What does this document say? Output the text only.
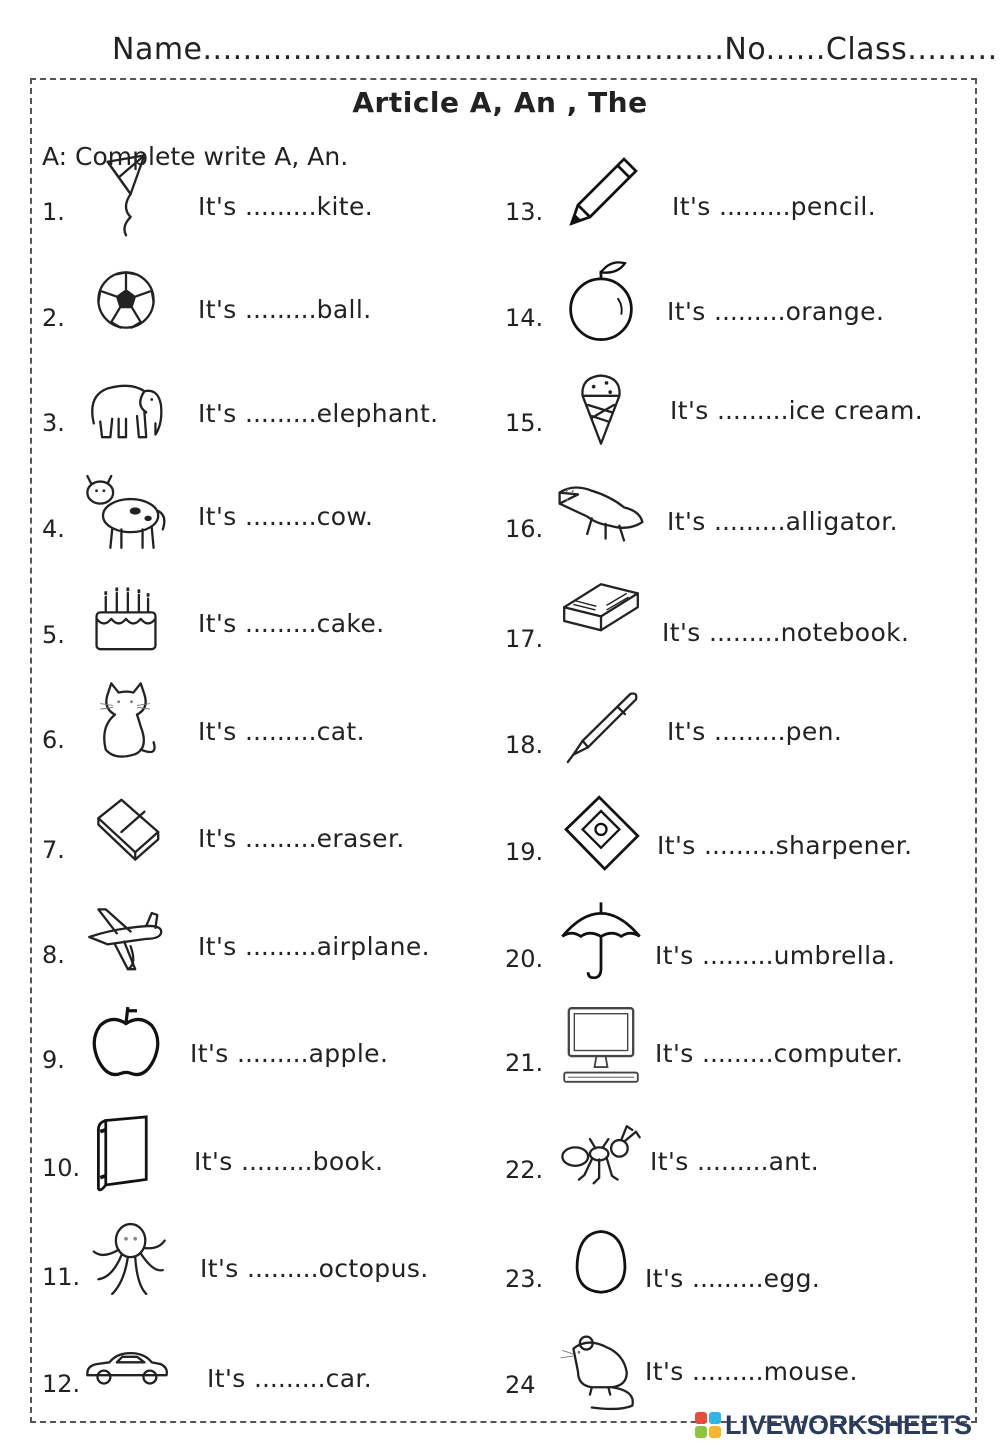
Name....................................................No......Class.........
Article A, An , The
A: Complete write A, An.
1.	It's .........kite.
2.	It's .........ball.
3.	It's .........elephant.
4.	It's .........cow.
5.	It's .........cake.
6.	It's .........cat.
7.	It's .........eraser.
8.	It's .........airplane.
9.	It's .........apple.
10.	It's .........book.
11.	It's .........octopus.
12.	It's .........car.
13.	It's .........pencil.
14.	It's .........orange.
15.	It's .........ice cream.
16.	It's .........alligator.
17.	It's .........notebook.
18.	It's .........pen.
19.	It's .........sharpener.
20.	It's .........umbrella.
21.	It's .........computer.
22.	It's .........ant.
23.	It's .........egg.
24	It's .........mouse.
LIVEWORKSHEETS
